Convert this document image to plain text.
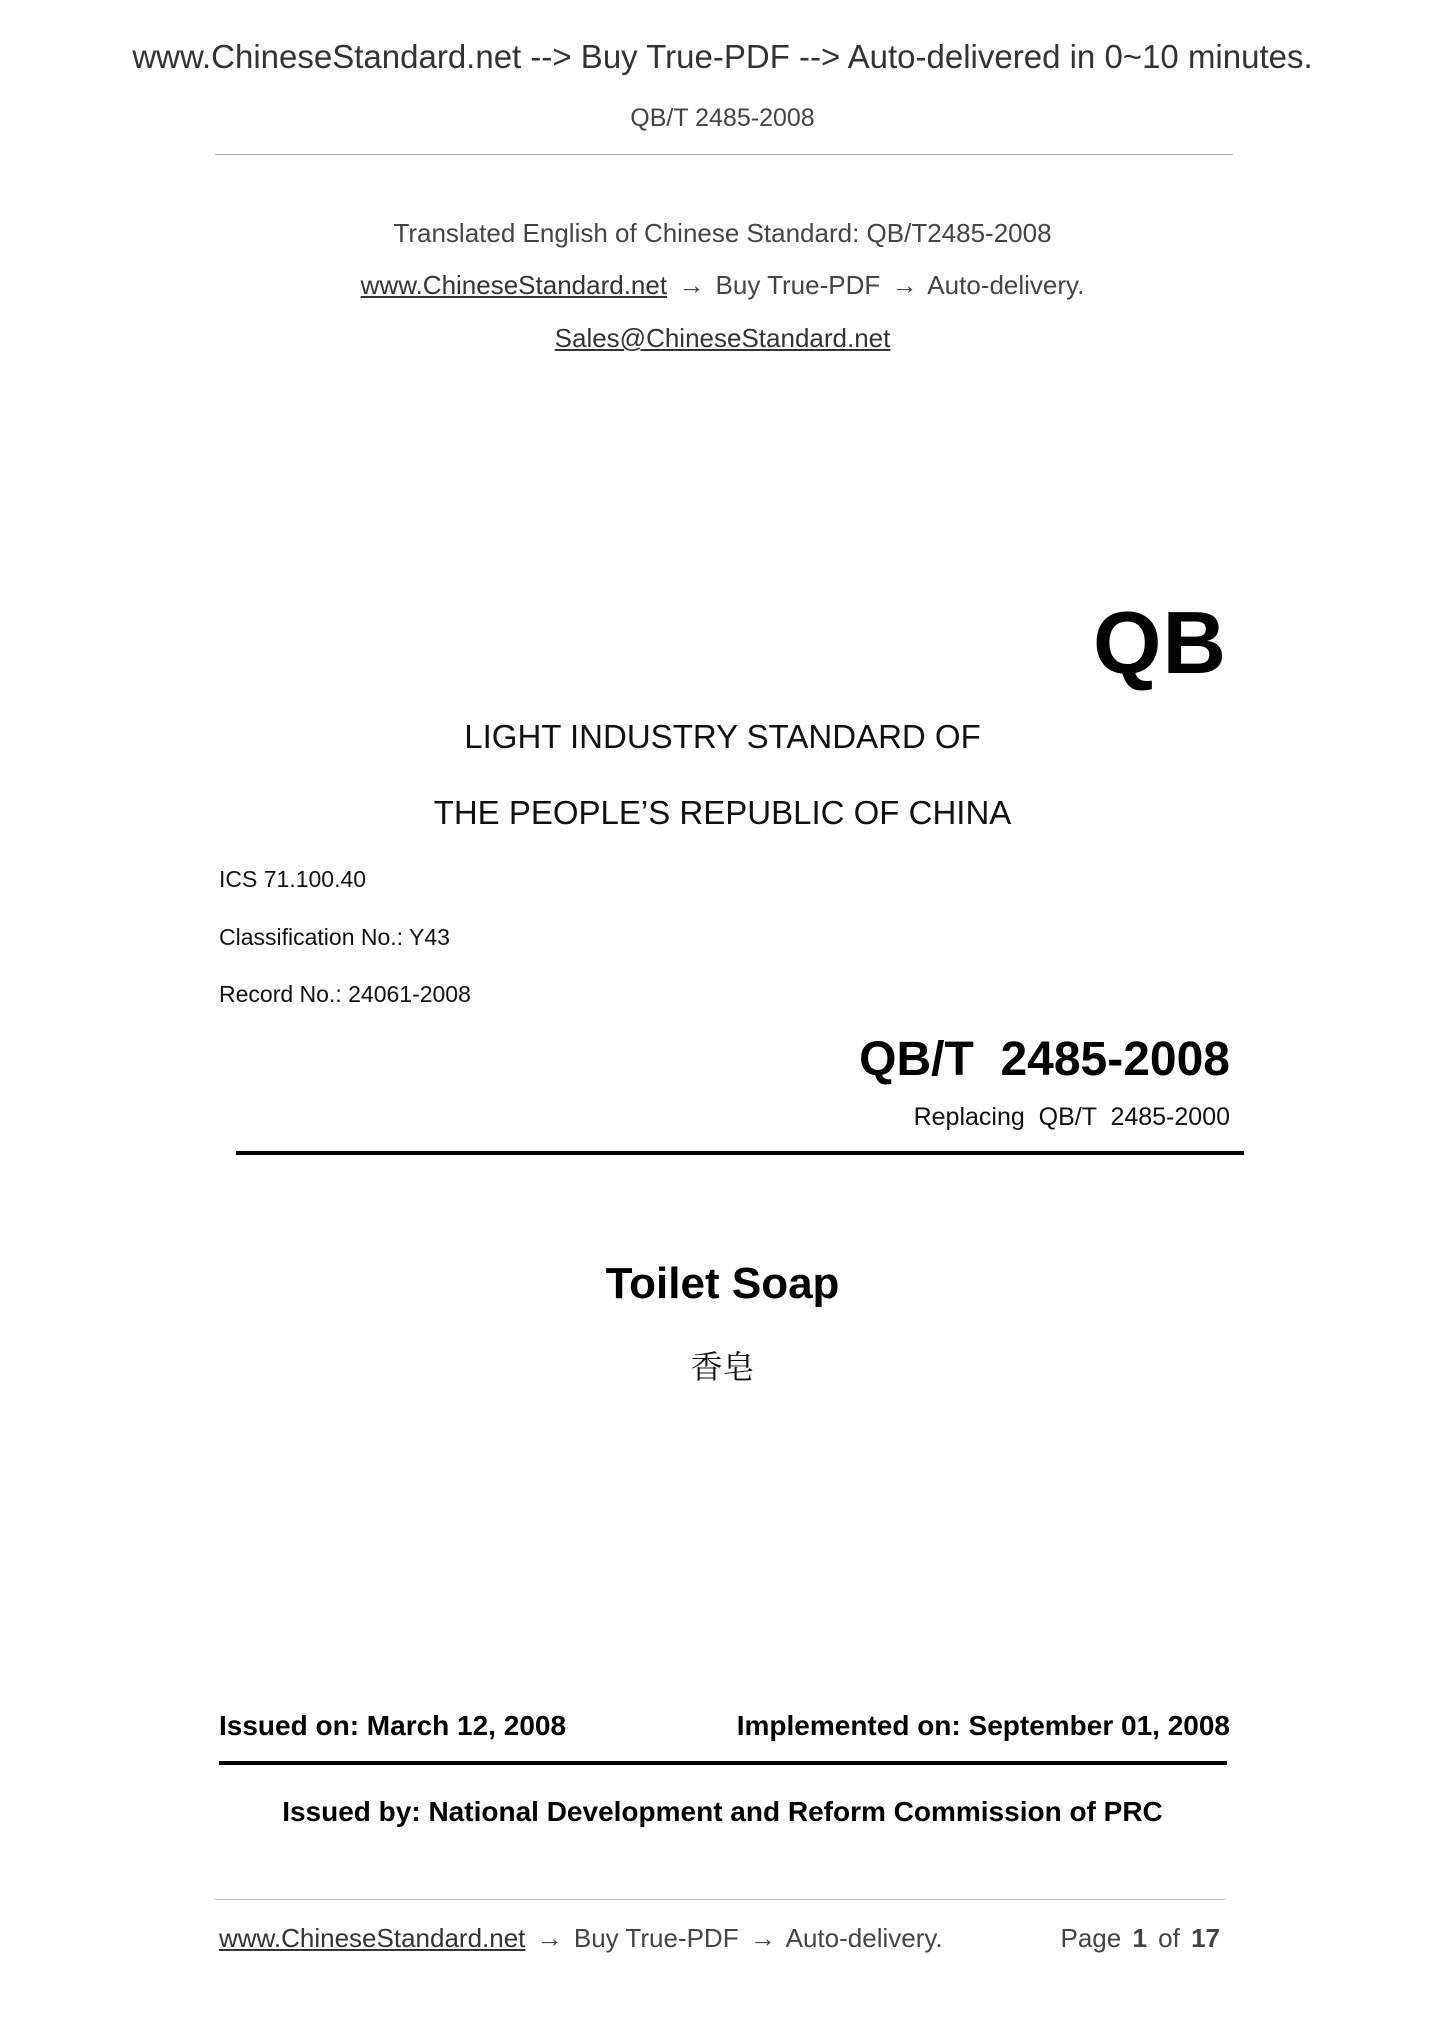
www.ChineseStandard.net --> Buy True-PDF --> Auto-delivered in 0~10 minutes.
QB/T 2485-2008
Translated English of Chinese Standard: QB/T2485-2008
www.ChineseStandard.net → Buy True-PDF → Auto-delivery.
Sales@ChineseStandard.net
QB
LIGHT INDUSTRY STANDARD OF
THE PEOPLE’S REPUBLIC OF CHINA
ICS 71.100.40
Classification No.: Y43
Record No.: 24061-2008
QB/T  2485-2008
Replacing  QB/T  2485-2000
Toilet Soap
香皂
Issued on: March 12, 2008	Implemented on: September 01, 2008
Issued by: National Development and Reform Commission of PRC
www.ChineseStandard.net → Buy True-PDF → Auto-delivery.	Page 1 of 17
